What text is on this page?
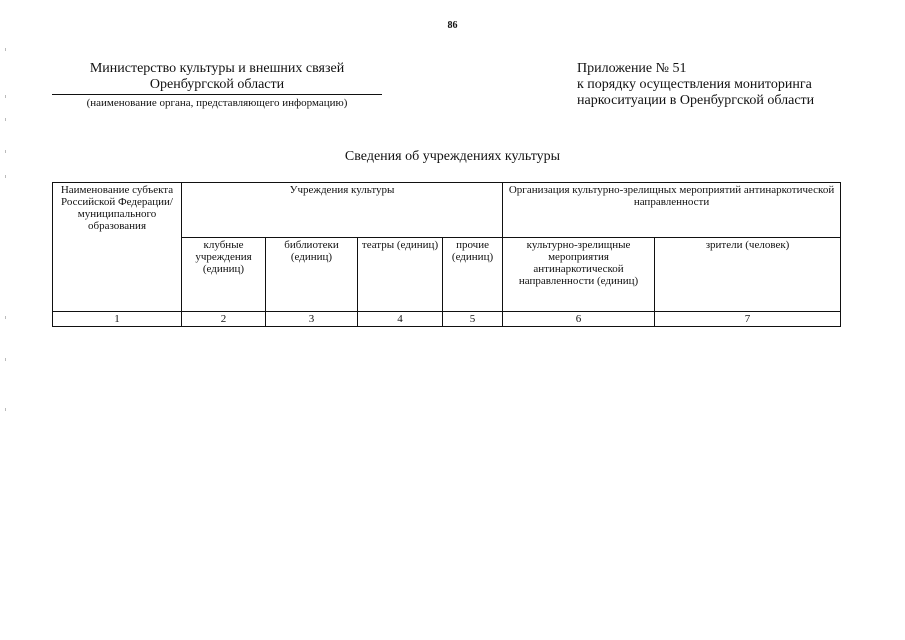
86
Министерство культуры и внешних связей
Оренбургской области
(наименование органа, представляющего информацию)
Приложение № 51
к порядку осуществления мониторинга
наркоситуации в Оренбургской области
Сведения об учреждениях культуры
Наименование субъекта Российской Федерации/ муниципального образования	Учреждения культуры				Организация культурно-зрелищных мероприятий антинаркотической направленности	
	клубные учреждения (единиц)	библиотеки (единиц)	театры (единиц)	прочие (единиц)	культурно-зрелищные мероприятия антинаркотической направленности (единиц)	зрители (человек)
1	2	3	4	5	6	7
